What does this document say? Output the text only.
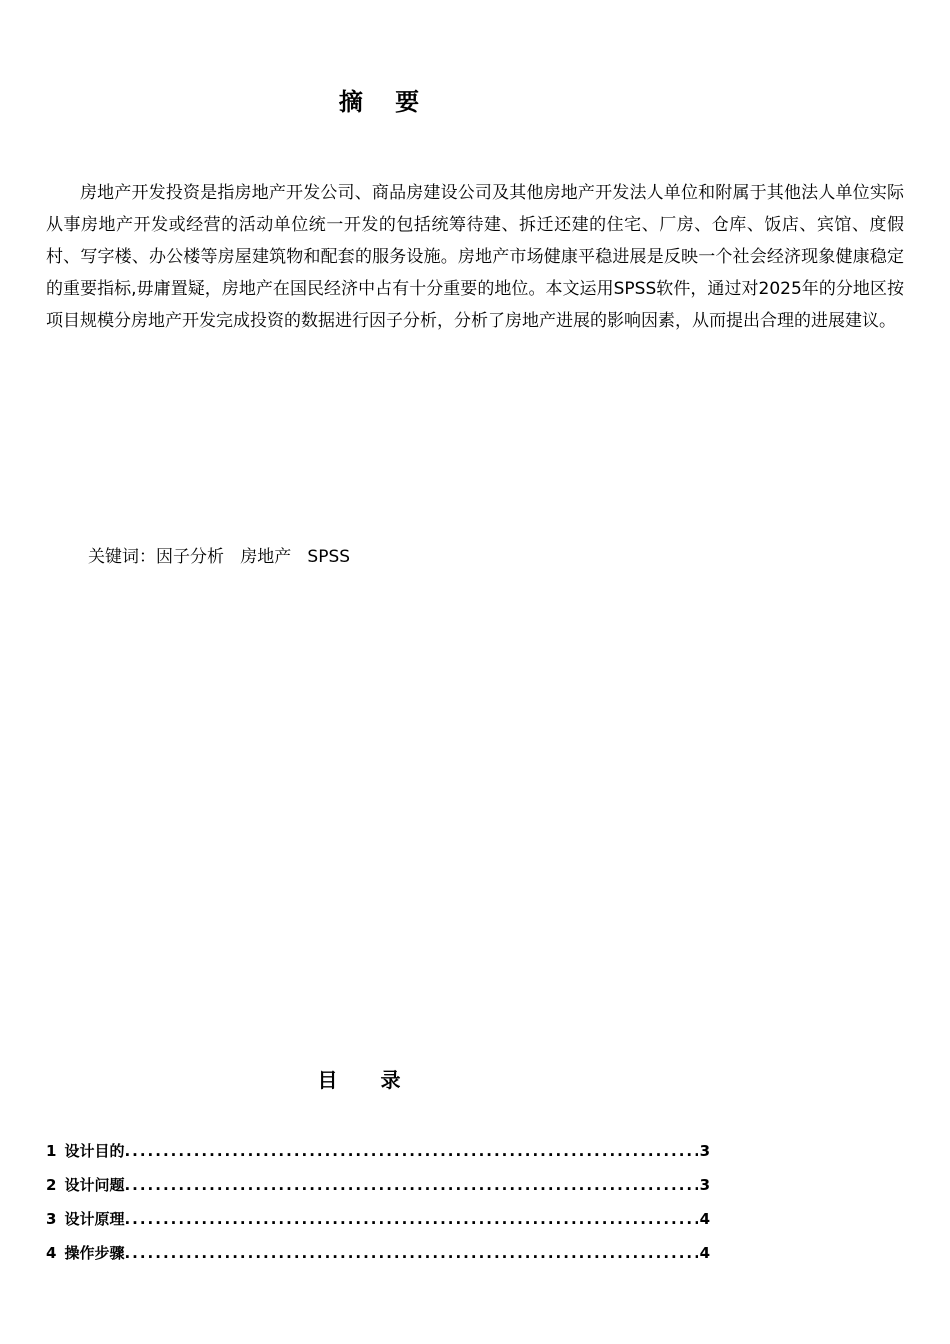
摘 要

房地产开发投资是指房地产开发公司、商品房建设公司及其他房地产开发法人单位和附属于其他法人单位实际从事房地产开发或经营的活动单位统一开发的包括统筹待建、拆迁还建的住宅、厂房、仓库、饭店、宾馆、度假村、写字楼、办公楼等房屋建筑物和配套的服务设施。房地产市场健康平稳进展是反映一个社会经济现象健康稳定的重要指标,毋庸置疑，房地产在国民经济中占有十分重要的地位。本文运用SPSS软件，通过对2025年的分地区按项目规模分房地产开发完成投资的数据进行因子分析，分析了房地产进展的影响因素，从而提出合理的进展建议。

关键词：因子分析   房地产   SPSS

目 录
1 设计目的 .....	3
2 设计问题 .....	3
3 设计原理 .....	4
4 操作步骤 .....	4
